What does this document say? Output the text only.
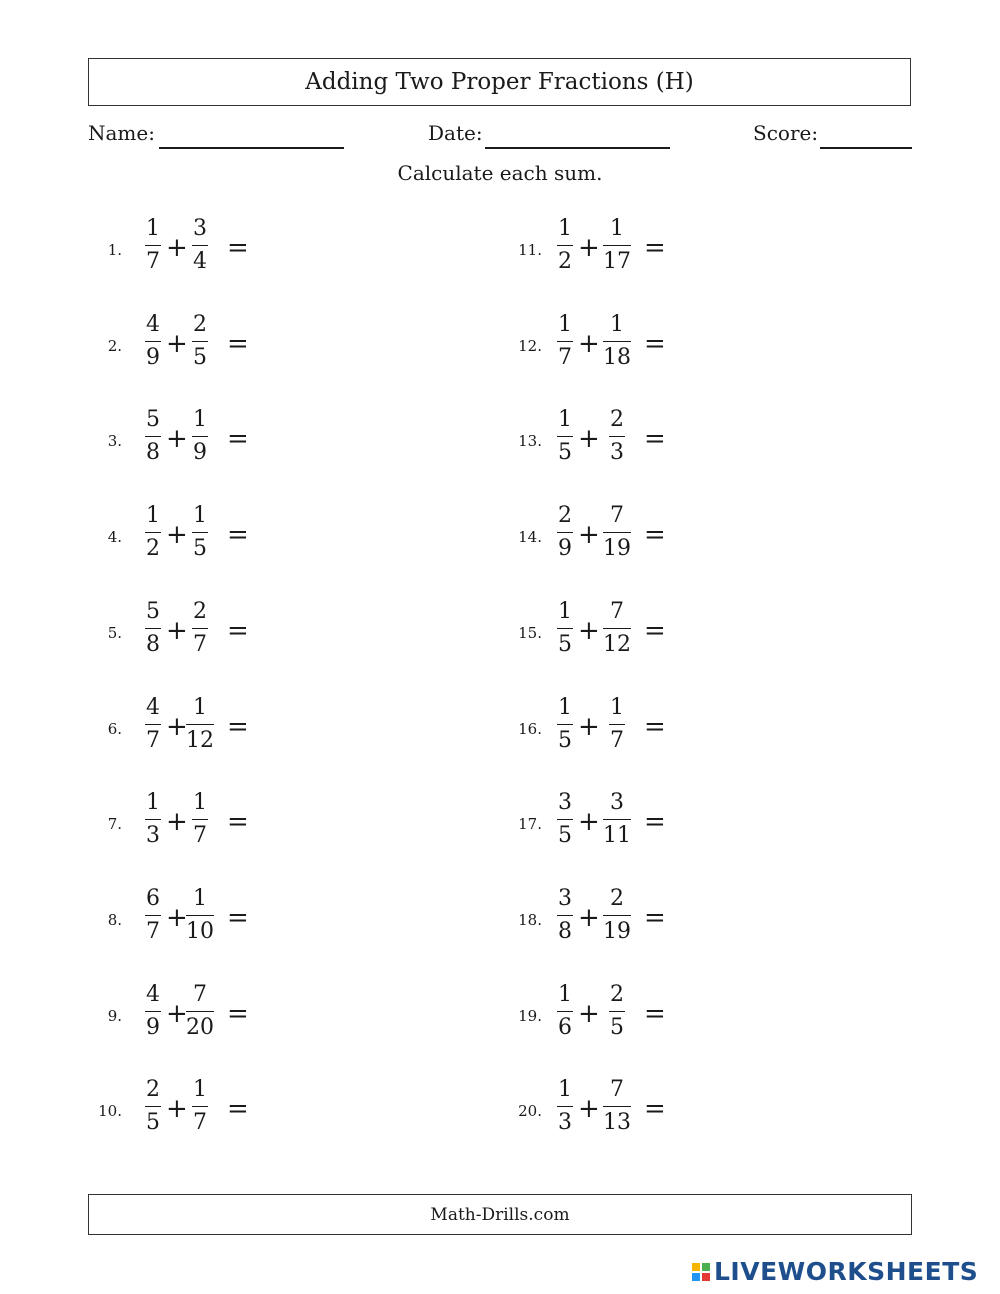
Adding Two Proper Fractions (H)
Name:	Date:	Score:
Calculate each sum.
1.
1
7 +
3
4 =
2.
4
9 +
2
5 =
3.
5
8 +
1
9 =
4.
1
2 +
1
5 =
5.
5
8 +
2
7 =
6.
4
7 +
1
12 =
7.
1
3 +
1
7 =
8.
6
7 +
1
10 =
9.
4
9 +
7
20 =
10.
2
5 +
1
7 =
11.
1
2 +
1
17 =
12.
1
7 +
1
18 =
13.
1
5 +
2
3 =
14.
2
9 +
7
19 =
15.
1
5 +
7
12 =
16.
1
5 +
1
7 =
17.
3
5 +
3
11 =
18.
3
8 +
2
19 =
19.
1
6 +
2
5 =
20.
1
3 +
7
13 =
Math-Drills.com
LIVEWORKSHEETS
